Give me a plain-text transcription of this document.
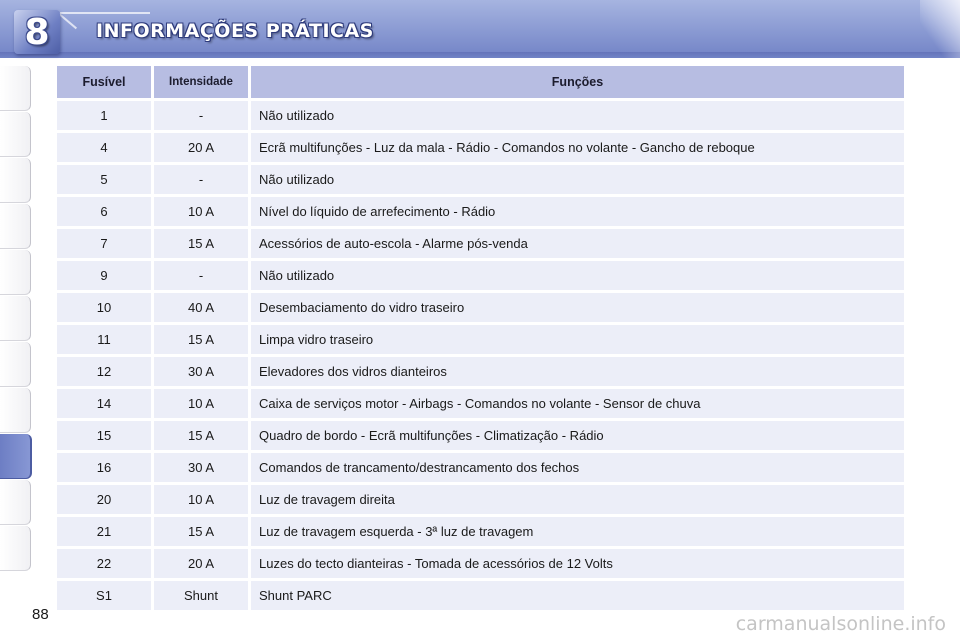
8	INFORMAÇÕES PRÁTICAS
Fusível	Intensidade	Funções
1	-	Não utilizado
4	20 A	Ecrã multifunções - Luz da mala - Rádio - Comandos no volante - Gancho de reboque
5	-	Não utilizado
6	10 A	Nível do líquido de arrefecimento - Rádio
7	15 A	Acessórios de auto-escola - Alarme pós-venda
9	-	Não utilizado
10	40 A	Desembaciamento do vidro traseiro
11	15 A	Limpa vidro traseiro
12	30 A	Elevadores dos vidros dianteiros
14	10 A	Caixa de serviços motor - Airbags - Comandos no volante - Sensor de chuva
15	15 A	Quadro de bordo - Ecrã multifunções - Climatização - Rádio
16	30 A	Comandos de trancamento/destrancamento dos fechos
20	10 A	Luz de travagem direita
21	15 A	Luz de travagem esquerda - 3ª luz de travagem
22	20 A	Luzes do tecto dianteiras - Tomada de acessórios de 12 Volts
S1	Shunt	Shunt PARC
88	carmanualsonline.info
